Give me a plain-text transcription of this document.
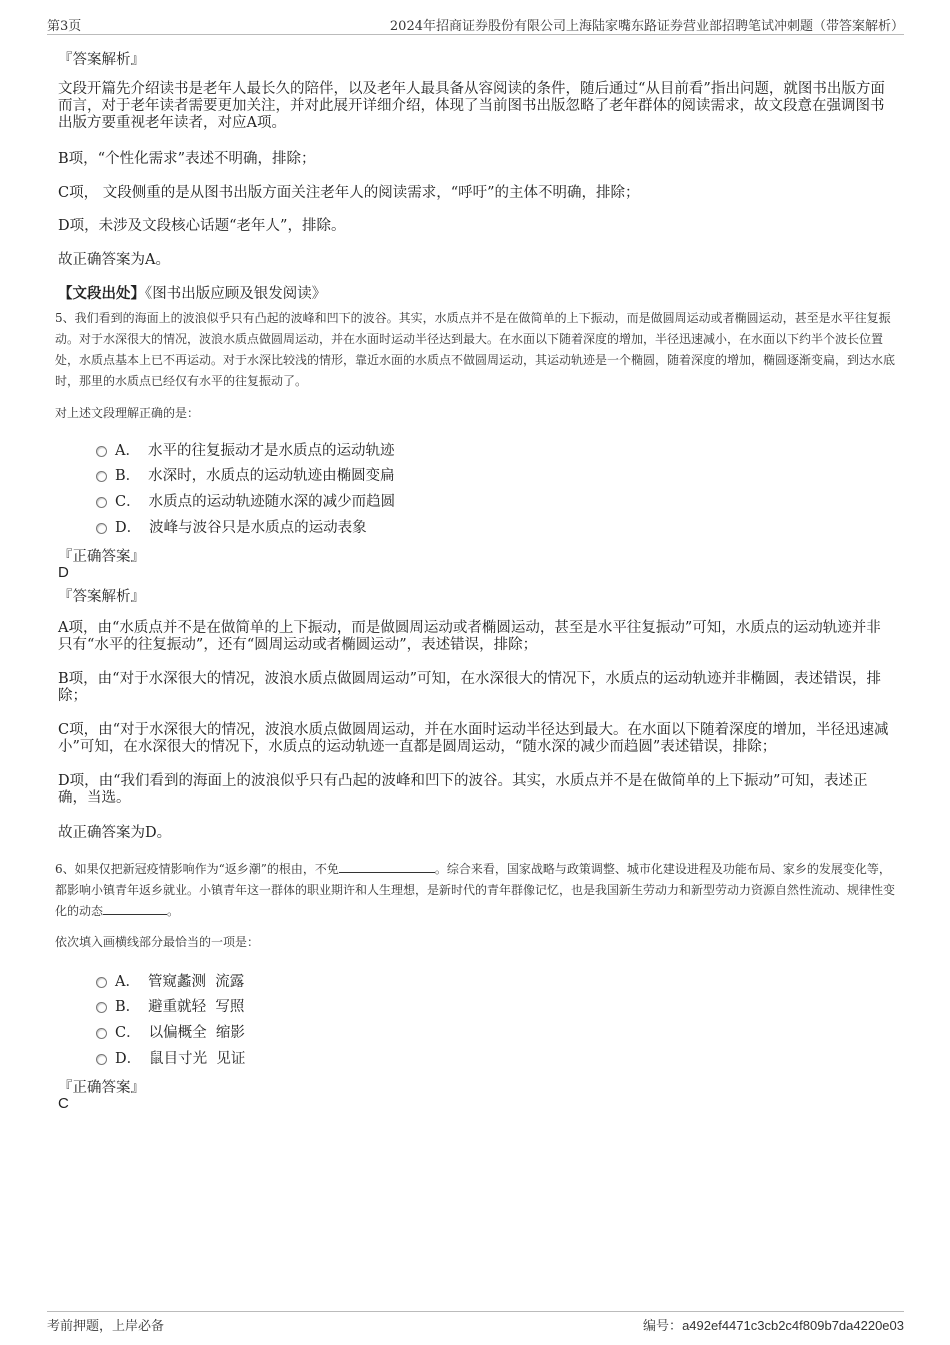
第3页	2024年招商证券股份有限公司上海陆家嘴东路证券营业部招聘笔试冲刺题（带答案解析）
『答案解析』
文段开篇先介绍读书是老年人最长久的陪伴，以及老年人最具备从容阅读的条件，随后通过“从目前看”指出问题，就图书出版方面而言，对于老年读者需要更加关注，并对此展开详细介绍，体现了当前图书出版忽略了老年群体的阅读需求，故文段意在强调图书出版方要重视老年读者，对应A项。
B项，“个性化需求”表述不明确，排除；
C项， 文段侧重的是从图书出版方面关注老年人的阅读需求，“呼吁”的主体不明确，排除；
D项，未涉及文段核心话题“老年人”，排除。
故正确答案为A。
【文段出处】《图书出版应顾及银发阅读》
5、我们看到的海面上的波浪似乎只有凸起的波峰和凹下的波谷。其实，水质点并不是在做简单的上下振动，而是做圆周运动或者椭圆运动，甚至是水平往复振动。对于水深很大的情况，波浪水质点做圆周运动，并在水面时运动半径达到最大。在水面以下随着深度的增加，半径迅速减小，在水面以下约半个波长位置处，水质点基本上已不再运动。对于水深比较浅的情形，靠近水面的水质点不做圆周运动，其运动轨迹是一个椭圆，随着深度的增加，椭圆逐渐变扁，到达水底时，那里的水质点已经仅有水平的往复振动了。
对上述文段理解正确的是：
A． 水平的往复振动才是水质点的运动轨迹
B． 水深时，水质点的运动轨迹由椭圆变扁
C． 水质点的运动轨迹随水深的减少而趋圆
D． 波峰与波谷只是水质点的运动表象
『正确答案』
D
『答案解析』
A项，由“水质点并不是在做简单的上下振动，而是做圆周运动或者椭圆运动，甚至是水平往复振动”可知，水质点的运动轨迹并非只有“水平的往复振动”，还有“圆周运动或者椭圆运动”，表述错误，排除；
B项，由“对于水深很大的情况，波浪水质点做圆周运动”可知，在水深很大的情况下，水质点的运动轨迹并非椭圆，表述错误，排除；
C项，由“对于水深很大的情况，波浪水质点做圆周运动，并在水面时运动半径达到最大。在水面以下随着深度的增加，半径迅速减小”可知，在水深很大的情况下，水质点的运动轨迹一直都是圆周运动，“随水深的减少而趋圆”表述错误，排除；
D项，由“我们看到的海面上的波浪似乎只有凸起的波峰和凹下的波谷。其实，水质点并不是在做简单的上下振动”可知，表述正确，当选。
故正确答案为D。
6、如果仅把新冠疫情影响作为“返乡潮”的根由，不免	。综合来看，国家战略与政策调整、城市化建设进程及功能布局、家乡的发展变化等，都影响小镇青年返乡就业。小镇青年这一群体的职业期许和人生理想，是新时代的青年群像记忆，也是我国新生劳动力和新型劳动力资源自然性流动、规律性变化的动态	。
依次填入画横线部分最恰当的一项是：
A． 管窥蠡测  流露
B． 避重就轻  写照
C． 以偏概全  缩影
D． 鼠目寸光  见证
『正确答案』
C
考前押题，上岸必备	编号：a492ef4471c3cb2c4f809b7da4220e03
